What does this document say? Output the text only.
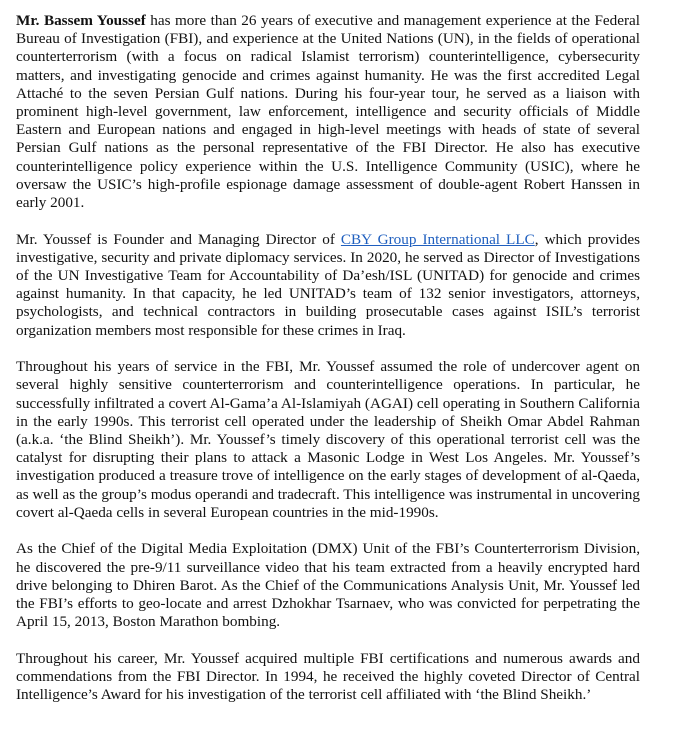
Mr. Bassem Youssef has more than 26 years of executive and management experience at the Federal Bureau of Investigation (FBI), and experience at the United Nations (UN), in the fields of operational counterterrorism (with a focus on radical Islamist terrorism) counterintelligence, cybersecurity matters, and investigating genocide and crimes against humanity. He was the first accredited Legal Attaché to the seven Persian Gulf nations. During his four-year tour, he served as a liaison with prominent high-level government, law enforcement, intelligence and security officials of Middle Eastern and European nations and engaged in high-level meetings with heads of state of several Persian Gulf nations as the personal representative of the FBI Director. He also has executive counterintelligence policy experience within the U.S. Intelligence Community (USIC), where he oversaw the USIC’s high-profile espionage damage assessment of double-agent Robert Hanssen in early 2001.

Mr. Youssef is Founder and Managing Director of CBY Group International LLC, which provides investigative, security and private diplomacy services. In 2020, he served as Director of Investigations of the UN Investigative Team for Accountability of Da’esh/ISL (UNITAD) for genocide and crimes against humanity. In that capacity, he led UNITAD’s team of 132 senior investigators, attorneys, psychologists, and technical contractors in building prosecutable cases against ISIL’s terrorist organization members most responsible for these crimes in Iraq.

Throughout his years of service in the FBI, Mr. Youssef assumed the role of undercover agent on several highly sensitive counterterrorism and counterintelligence operations. In particular, he successfully infiltrated a covert Al-Gama’a Al-Islamiyah (AGAI) cell operating in Southern California in the early 1990s. This terrorist cell operated under the leadership of Sheikh Omar Abdel Rahman (a.k.a. ‘the Blind Sheikh’). Mr. Youssef’s timely discovery of this operational terrorist cell was the catalyst for disrupting their plans to attack a Masonic Lodge in West Los Angeles. Mr. Youssef’s investigation produced a treasure trove of intelligence on the early stages of development of al-Qaeda, as well as the group’s modus operandi and tradecraft. This intelligence was instrumental in uncovering covert al-Qaeda cells in several European countries in the mid-1990s.

As the Chief of the Digital Media Exploitation (DMX) Unit of the FBI’s Counterterrorism Division, he discovered the pre-9/11 surveillance video that his team extracted from a heavily encrypted hard drive belonging to Dhiren Barot. As the Chief of the Communications Analysis Unit, Mr. Youssef led the FBI’s efforts to geo-locate and arrest Dzhokhar Tsarnaev, who was convicted for perpetrating the April 15, 2013, Boston Marathon bombing.

Throughout his career, Mr. Youssef acquired multiple FBI certifications and numerous awards and commendations from the FBI Director. In 1994, he received the highly coveted Director of Central Intelligence’s Award for his investigation of the terrorist cell affiliated with ‘the Blind Sheikh.’
